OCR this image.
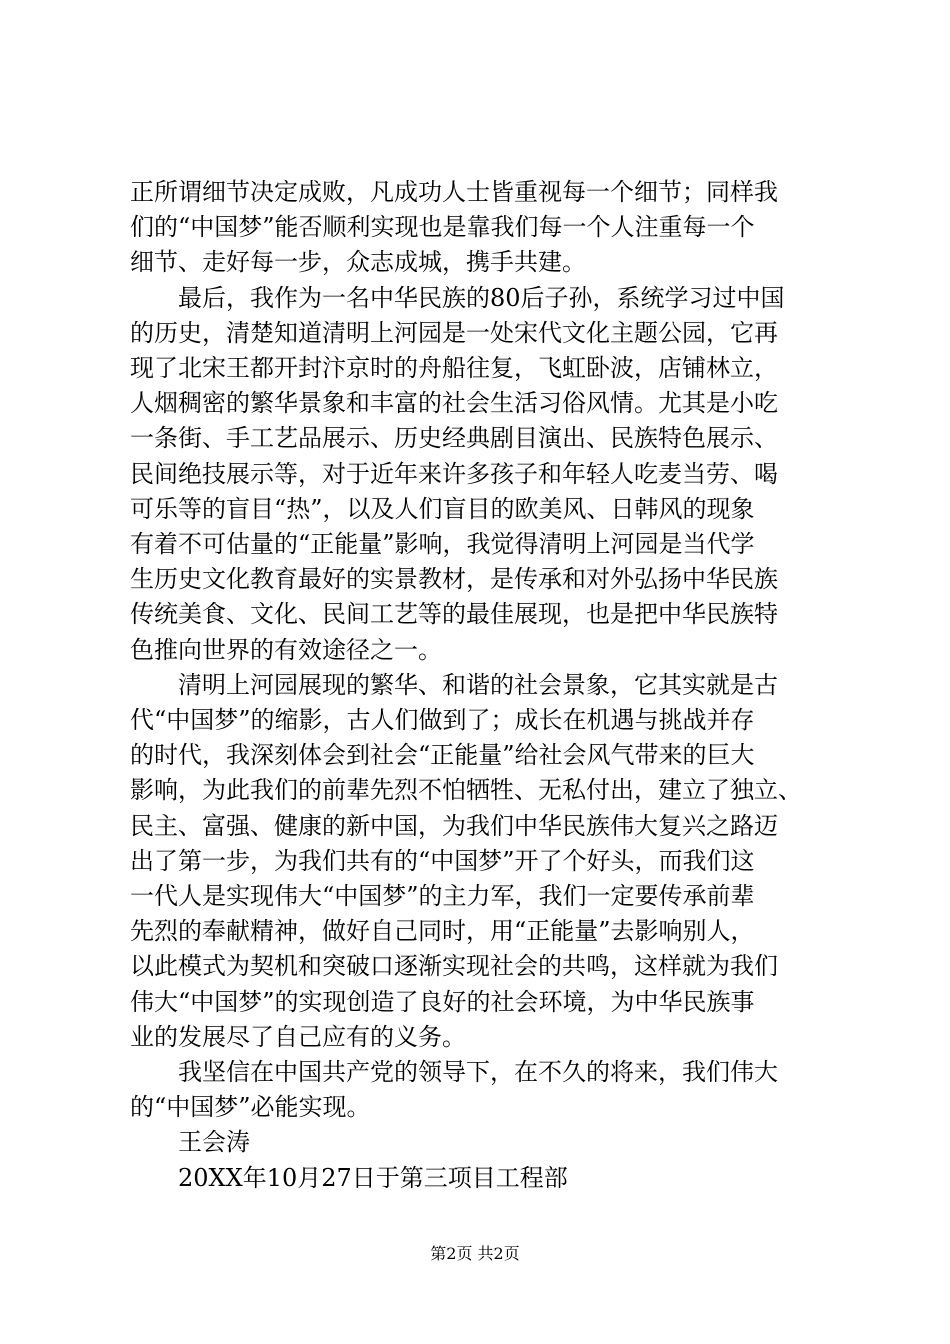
正所谓细节决定成败，凡成功人士皆重视每一个细节；同样我
们的“中国梦”能否顺利实现也是靠我们每一个人注重每一个
细节、走好每一步，众志成城，携手共建。

最后，我作为一名中华民族的80后子孙，系统学习过中国
的历史，清楚知道清明上河园是一处宋代文化主题公园，它再
现了北宋王都开封汴京时的舟船往复，飞虹卧波，店铺林立，
人烟稠密的繁华景象和丰富的社会生活习俗风情。尤其是小吃
一条街、手工艺品展示、历史经典剧目演出、民族特色展示、
民间绝技展示等，对于近年来许多孩子和年轻人吃麦当劳、喝
可乐等的盲目“热”，以及人们盲目的欧美风、日韩风的现象
有着不可估量的“正能量”影响，我觉得清明上河园是当代学
生历史文化教育最好的实景教材，是传承和对外弘扬中华民族
传统美食、文化、民间工艺等的最佳展现，也是把中华民族特
色推向世界的有效途径之一。

清明上河园展现的繁华、和谐的社会景象，它其实就是古
代“中国梦”的缩影，古人们做到了；成长在机遇与挑战并存
的时代，我深刻体会到社会“正能量”给社会风气带来的巨大
影响，为此我们的前辈先烈不怕牺牲、无私付出，建立了独立、
民主、富强、健康的新中国，为我们中华民族伟大复兴之路迈
出了第一步，为我们共有的“中国梦”开了个好头，而我们这
一代人是实现伟大“中国梦”的主力军，我们一定要传承前辈
先烈的奉献精神，做好自己同时，用“正能量”去影响别人，
以此模式为契机和突破口逐渐实现社会的共鸣，这样就为我们
伟大“中国梦”的实现创造了良好的社会环境，为中华民族事
业的发展尽了自己应有的义务。

我坚信在中国共产党的领导下，在不久的将来，我们伟大
的“中国梦”必能实现。

王会涛

20XX年10月27日于第三项目工程部

第2页 共2页
